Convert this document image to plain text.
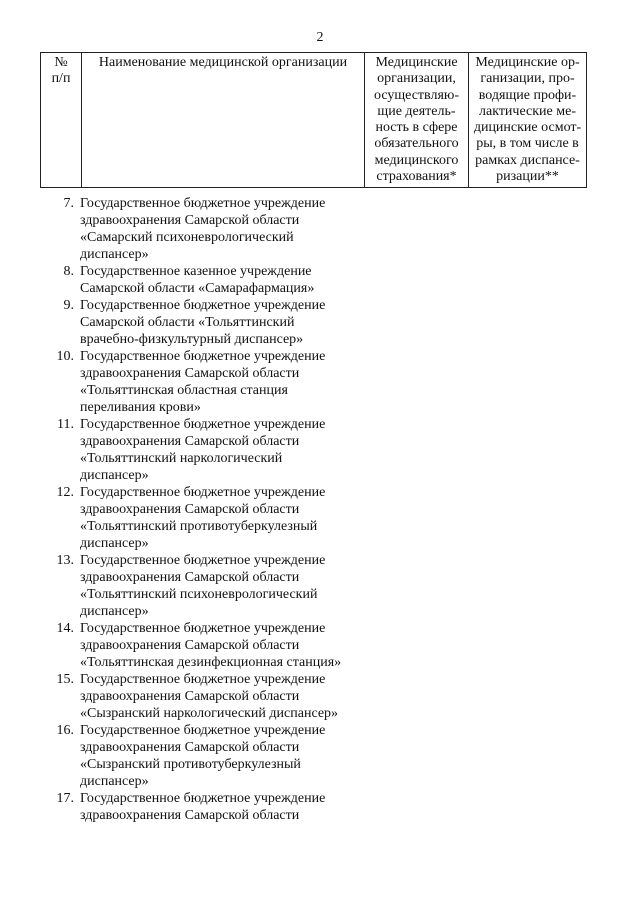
2
№
п/п	Наименование медицинской организации	Медицинские организации, осуществляю-щие деятель-ность в сфере обязательного медицинского страхования*	Медицинские ор-ганизации, про-водящие профи-лактические ме-дицинские осмот-ры, в том числе в рамках диспансе-ризации**
7. Государственное бюджетное учреждение
здравоохранения Самарской области
«Самарский психоневрологический
диспансер»
8. Государственное казенное учреждение
Самарской области «Самарафармация»
9. Государственное бюджетное учреждение
Самарской области «Тольяттинский
врачебно-физкультурный диспансер»
10. Государственное бюджетное учреждение
здравоохранения Самарской области
«Тольяттинская областная станция
переливания крови»
11. Государственное бюджетное учреждение
здравоохранения Самарской области
«Тольяттинский наркологический
диспансер»
12. Государственное бюджетное учреждение
здравоохранения Самарской области
«Тольяттинский противотуберкулезный
диспансер»
13. Государственное бюджетное учреждение
здравоохранения Самарской области
«Тольяттинский психоневрологический
диспансер»
14. Государственное бюджетное учреждение
здравоохранения Самарской области
«Тольяттинская дезинфекционная станция»
15. Государственное бюджетное учреждение
здравоохранения Самарской области
«Сызранский наркологический диспансер»
16. Государственное бюджетное учреждение
здравоохранения Самарской области
«Сызранский противотуберкулезный
диспансер»
17. Государственное бюджетное учреждение
здравоохранения Самарской области
